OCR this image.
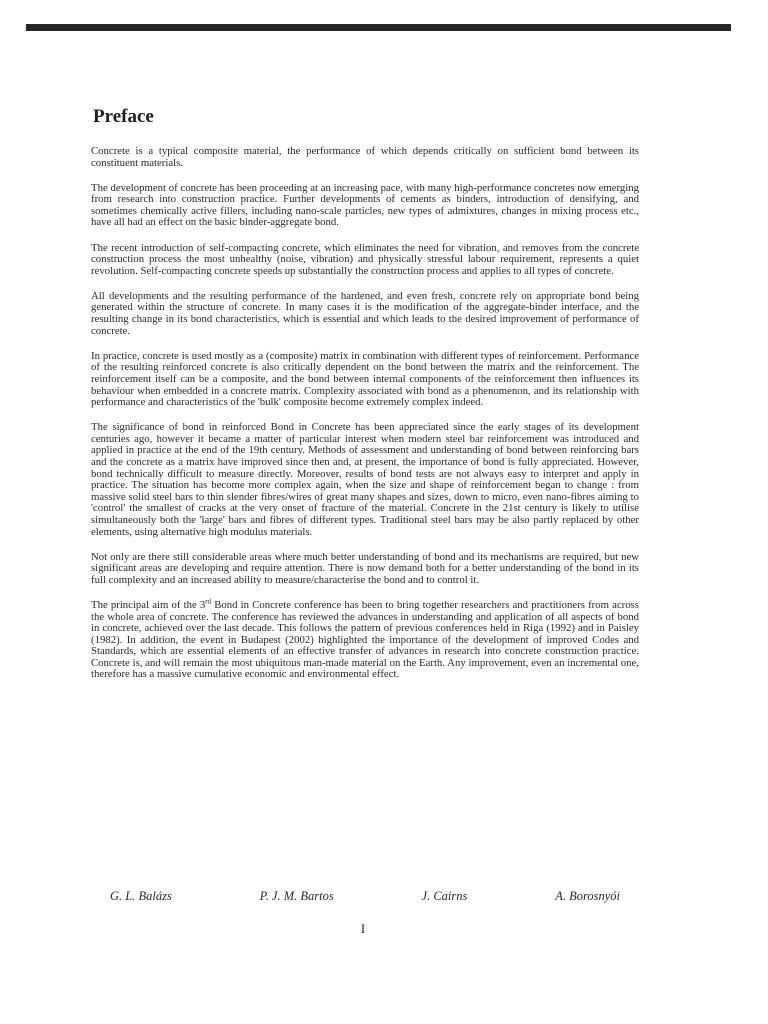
Preface

Concrete is a typical composite material, the performance of which depends critically on sufficient bond between its constituent materials.

The development of concrete has been proceeding at an increasing pace, with many high-performance concretes now emerging from research into construction practice. Further developments of cements as binders, introduction of densifying, and sometimes chemically active fillers, including nano-scale particles, new types of admixtures, changes in mixing process etc., have all had an effect on the basic binder-aggregate bond.

The recent introduction of self-compacting concrete, which eliminates the need for vibration, and removes from the concrete construction process the most unhealthy (noise, vibration) and physically stressful labour requirement, represents a quiet revolution. Self-compacting concrete speeds up substantially the construction process and applies to all types of concrete.

All developments and the resulting performance of the hardened, and even fresh, concrete rely on appropriate bond being generated within the structure of concrete. In many cases it is the modification of the aggregate-binder interface, and the resulting change in its bond characteristics, which is essential and which leads to the desired improvement of performance of concrete.

In practice, concrete is used mostly as a (composite) matrix in combination with different types of reinforcement. Performance of the resulting reinforced concrete is also critically dependent on the bond between the matrix and the reinforcement. The reinforcement itself can be a composite, and the bond between internal components of the reinforcement then influences its behaviour when embedded in a concrete matrix. Complexity associated with bond as a phenomenon, and its relationship with performance and characteristics of the 'bulk' composite become extremely complex indeed.

The significance of bond in reinforced Bond in Concrete has been appreciated since the early stages of its development centuries ago, however it became a matter of particular interest when modern steel bar reinforcement was introduced and applied in practice at the end of the 19th century. Methods of assessment and understanding of bond between reinforcing bars and the concrete as a matrix have improved since then and, at present, the importance of bond is fully appreciated. However, bond technically difficult to measure directly. Moreover, results of bond tests are not always easy to interpret and apply in practice. The situation has become more complex again, when the size and shape of reinforcement began to change : from massive solid steel bars to thin slender fibres/wires of great many shapes and sizes, down to micro, even nano-fibres aiming to 'control' the smallest of cracks at the very onset of fracture of the material. Concrete in the 21st century is likely to utilise simultaneously both the 'large' bars and fibres of different types. Traditional steel bars may be also partly replaced by other elements, using alternative high modulus materials.

Not only are there still considerable areas where much better understanding of bond and its mechanisms are required, but new significant areas are developing and require attention. There is now demand both for a better understanding of the bond in its full complexity and an increased ability to measure/characterise the bond and to control it.

The principal aim of the 3rd Bond in Concrete conference has been to bring together researchers and practitioners from across the whole area of concrete. The conference has reviewed the advances in understanding and application of all aspects of bond in concrete, achieved over the last decade. This follows the pattern of previous conferences held in Riga (1992) and in Paisley (1982). In addition, the event in Budapest (2002) highlighted the importance of the development of improved Codes and Standards, which are essential elements of an effective transfer of advances in research into concrete construction practice. Concrete is, and will remain the most ubiquitous man-made material on the Earth. Any improvement, even an incremental one, therefore has a massive cumulative economic and environmental effect.

G. L. Balázs	P. J. M. Bartos	J. Cairns	A. Borosnyói
I
